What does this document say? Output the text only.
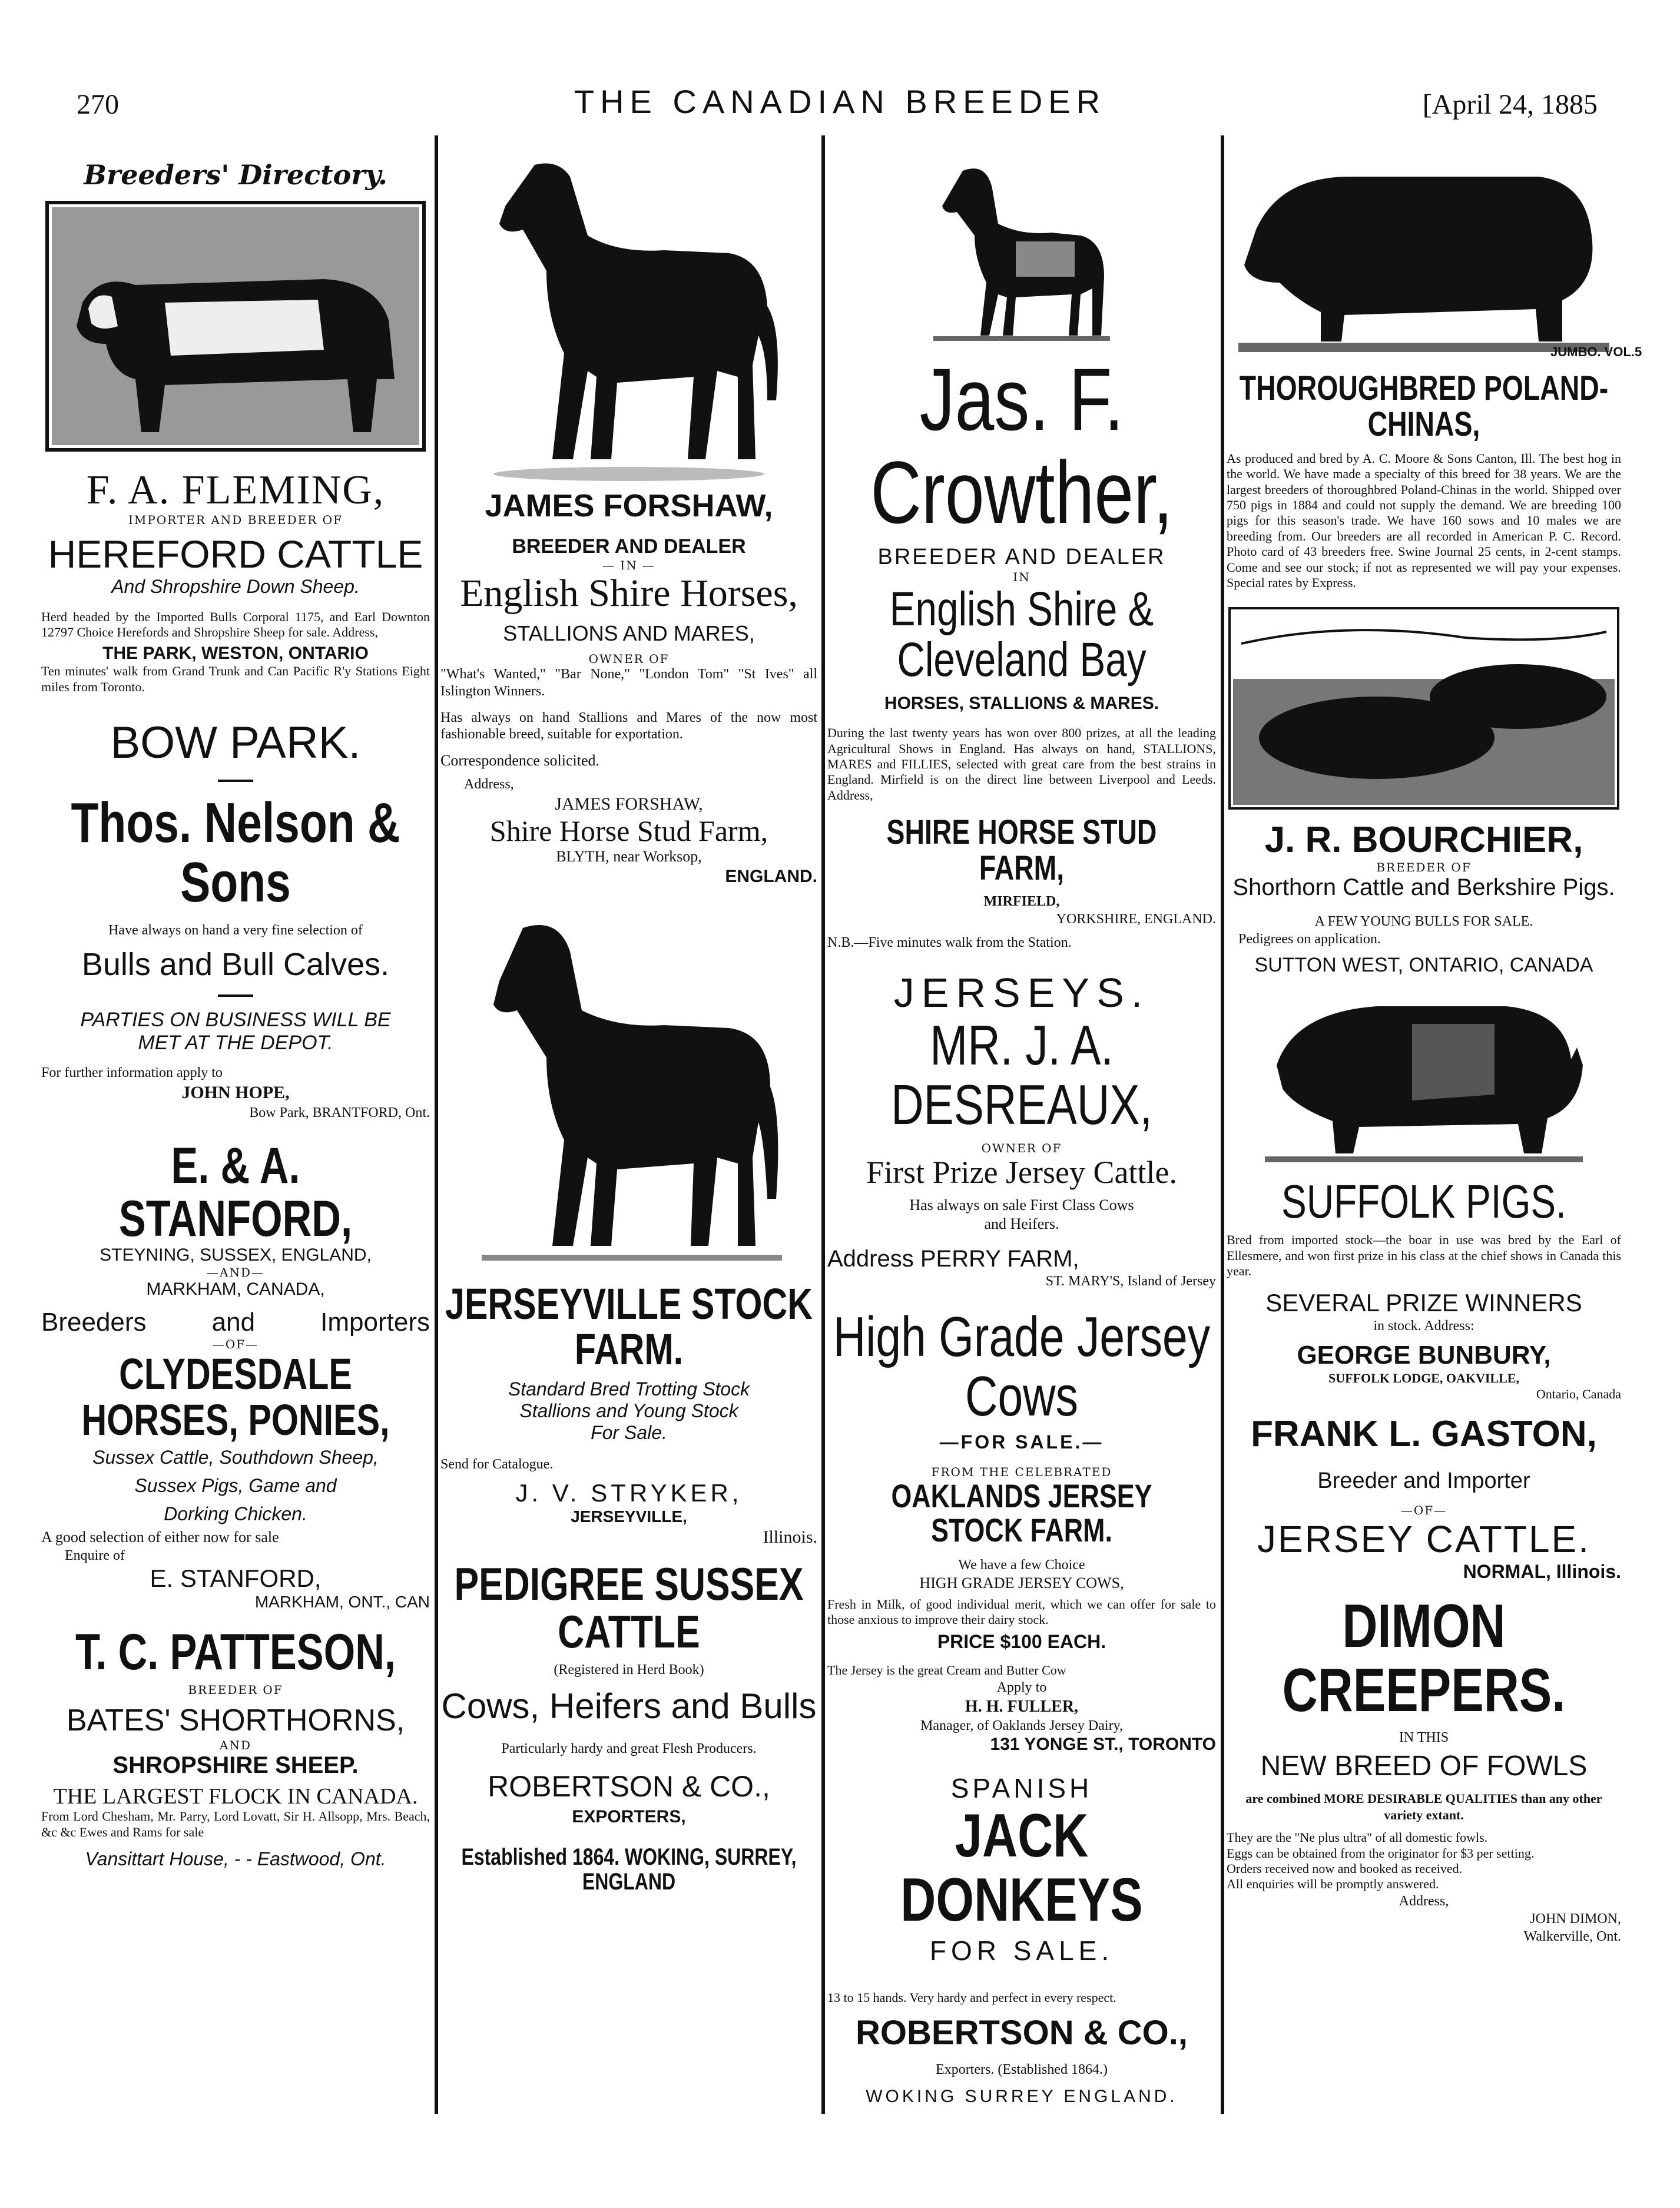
270	THE CANADIAN BREEDER	[April 24, 1885
Breeders' Directory.
F. A. FLEMING,
IMPORTER AND BREEDER OF
HEREFORD CATTLE
And Shropshire Down Sheep.

Herd headed by the Imported Bulls Corporal 1175, and Earl Downton 12797 Choice Herefords and Shropshire Sheep for sale. Address,

THE PARK, WESTON, ONTARIO

Ten minutes' walk from Grand Trunk and Can Pacific R'y Stations Eight miles from Toronto.

BOW PARK.
Thos. Nelson & Sons
Have always on hand a very fine selection of
Bulls and Bull Calves.
PARTIES ON BUSINESS WILL BE MET AT THE DEPOT.
For further information apply to
JOHN HOPE,
Bow Park, BRANTFORD, Ont.
E. & A. STANFORD,
STEYNING, SUSSEX, ENGLAND,
—AND—
MARKHAM, CANADA,
Breeders and Importers
—OF—
CLYDESDALE HORSES, PONIES,
Sussex Cattle, Southdown Sheep,
Sussex Pigs, Game and
Dorking Chicken.
A good selection of either now for sale
Enquire of
E. STANFORD,
MARKHAM, ONT., CAN
T. C. PATTESON,
BREEDER OF
BATES' SHORTHORNS,
AND
SHROPSHIRE SHEEP.
THE LARGEST FLOCK IN CANADA.

From Lord Chesham, Mr. Parry, Lord Lovatt, Sir H. Allsopp, Mrs. Beach, &c &c Ewes and Rams for sale

Vansittart House, - - Eastwood, Ont.
JAMES FORSHAW,
BREEDER AND DEALER
— IN —
English Shire Horses,
STALLIONS AND MARES,
OWNER OF

"What's Wanted," "Bar None," "London Tom" "St Ives" all Islington Winners.

Has always on hand Stallions and Mares of the now most fashionable breed, suitable for exportation.

Correspondence solicited.
Address,
JAMES FORSHAW,
Shire Horse Stud Farm,
BLYTH, near Worksop,
ENGLAND.
JERSEYVILLE STOCK FARM.
Standard Bred Trotting Stock
Stallions and Young Stock
For Sale.
Send for Catalogue.
J. V. STRYKER,
JERSEYVILLE,
Illinois.
PEDIGREE SUSSEX CATTLE
(Registered in Herd Book)
Cows, Heifers and Bulls
Particularly hardy and great Flesh Producers.
ROBERTSON & CO.,
EXPORTERS,
Established 1864. WOKING, SURREY, ENGLAND
Jas. F. Crowther,
BREEDER AND DEALER
IN
English Shire & Cleveland Bay
HORSES, STALLIONS & MARES.

During the last twenty years has won over 800 prizes, at all the leading Agricultural Shows in England. Has always on hand, STALLIONS, MARES and FILLIES, selected with great care from the best strains in England. Mirfield is on the direct line between Liverpool and Leeds. Address,

SHIRE HORSE STUD FARM,
MIRFIELD,
YORKSHIRE, ENGLAND.
N.B.—Five minutes walk from the Station.
JERSEYS.
MR. J. A. DESREAUX,
OWNER OF
First Prize Jersey Cattle.
Has always on sale First Class Cows and Heifers.
Address PERRY FARM,
ST. MARY'S, Island of Jersey
High Grade Jersey Cows
—FOR SALE.—
FROM THE CELEBRATED
OAKLANDS JERSEY STOCK FARM.
We have a few Choice
HIGH GRADE JERSEY COWS,

Fresh in Milk, of good individual merit, which we can offer for sale to those anxious to improve their dairy stock.

PRICE $100 EACH.
The Jersey is the great Cream and Butter Cow
Apply to
H. H. FULLER,
Manager, of Oaklands Jersey Dairy,
131 YONGE ST., TORONTO
SPANISH
JACK DONKEYS
FOR SALE.

13 to 15 hands. Very hardy and perfect in every respect.

ROBERTSON & CO.,
Exporters. (Established 1864.)
WOKING SURREY ENGLAND.
JUMBO. VOL.5
THOROUGHBRED POLAND-CHINAS,

As produced and bred by A. C. Moore & Sons Canton, Ill. The best hog in the world. We have made a specialty of this breed for 38 years. We are the largest breeders of thoroughbred Poland-Chinas in the world. Shipped over 750 pigs in 1884 and could not supply the demand. We are breeding 100 pigs for this season's trade. We have 160 sows and 10 males we are breeding from. Our breeders are all recorded in American P. C. Record. Photo card of 43 breeders free. Swine Journal 25 cents, in 2-cent stamps. Come and see our stock; if not as represented we will pay your expenses. Special rates by Express.

J. R. BOURCHIER,
BREEDER OF
Shorthorn Cattle and Berkshire Pigs.
A FEW YOUNG BULLS FOR SALE.
Pedigrees on application.
SUTTON WEST, ONTARIO, CANADA
SUFFOLK PIGS.

Bred from imported stock—the boar in use was bred by the Earl of Ellesmere, and won first prize in his class at the chief shows in Canada this year.

SEVERAL PRIZE WINNERS
in stock. Address:
GEORGE BUNBURY,
SUFFOLK LODGE, OAKVILLE,
Ontario, Canada
FRANK L. GASTON,
Breeder and Importer
—OF—
JERSEY CATTLE.
NORMAL, Illinois.
DIMON CREEPERS.
IN THIS
NEW BREED OF FOWLS
are combined MORE DESIRABLE QUALITIES than any other variety extant.

They are the "Ne plus ultra" of all domestic fowls.

Eggs can be obtained from the originator for $3 per setting.

Orders received now and booked as received.

All enquiries will be promptly answered.

Address,
JOHN DIMON,
Walkerville, Ont.
